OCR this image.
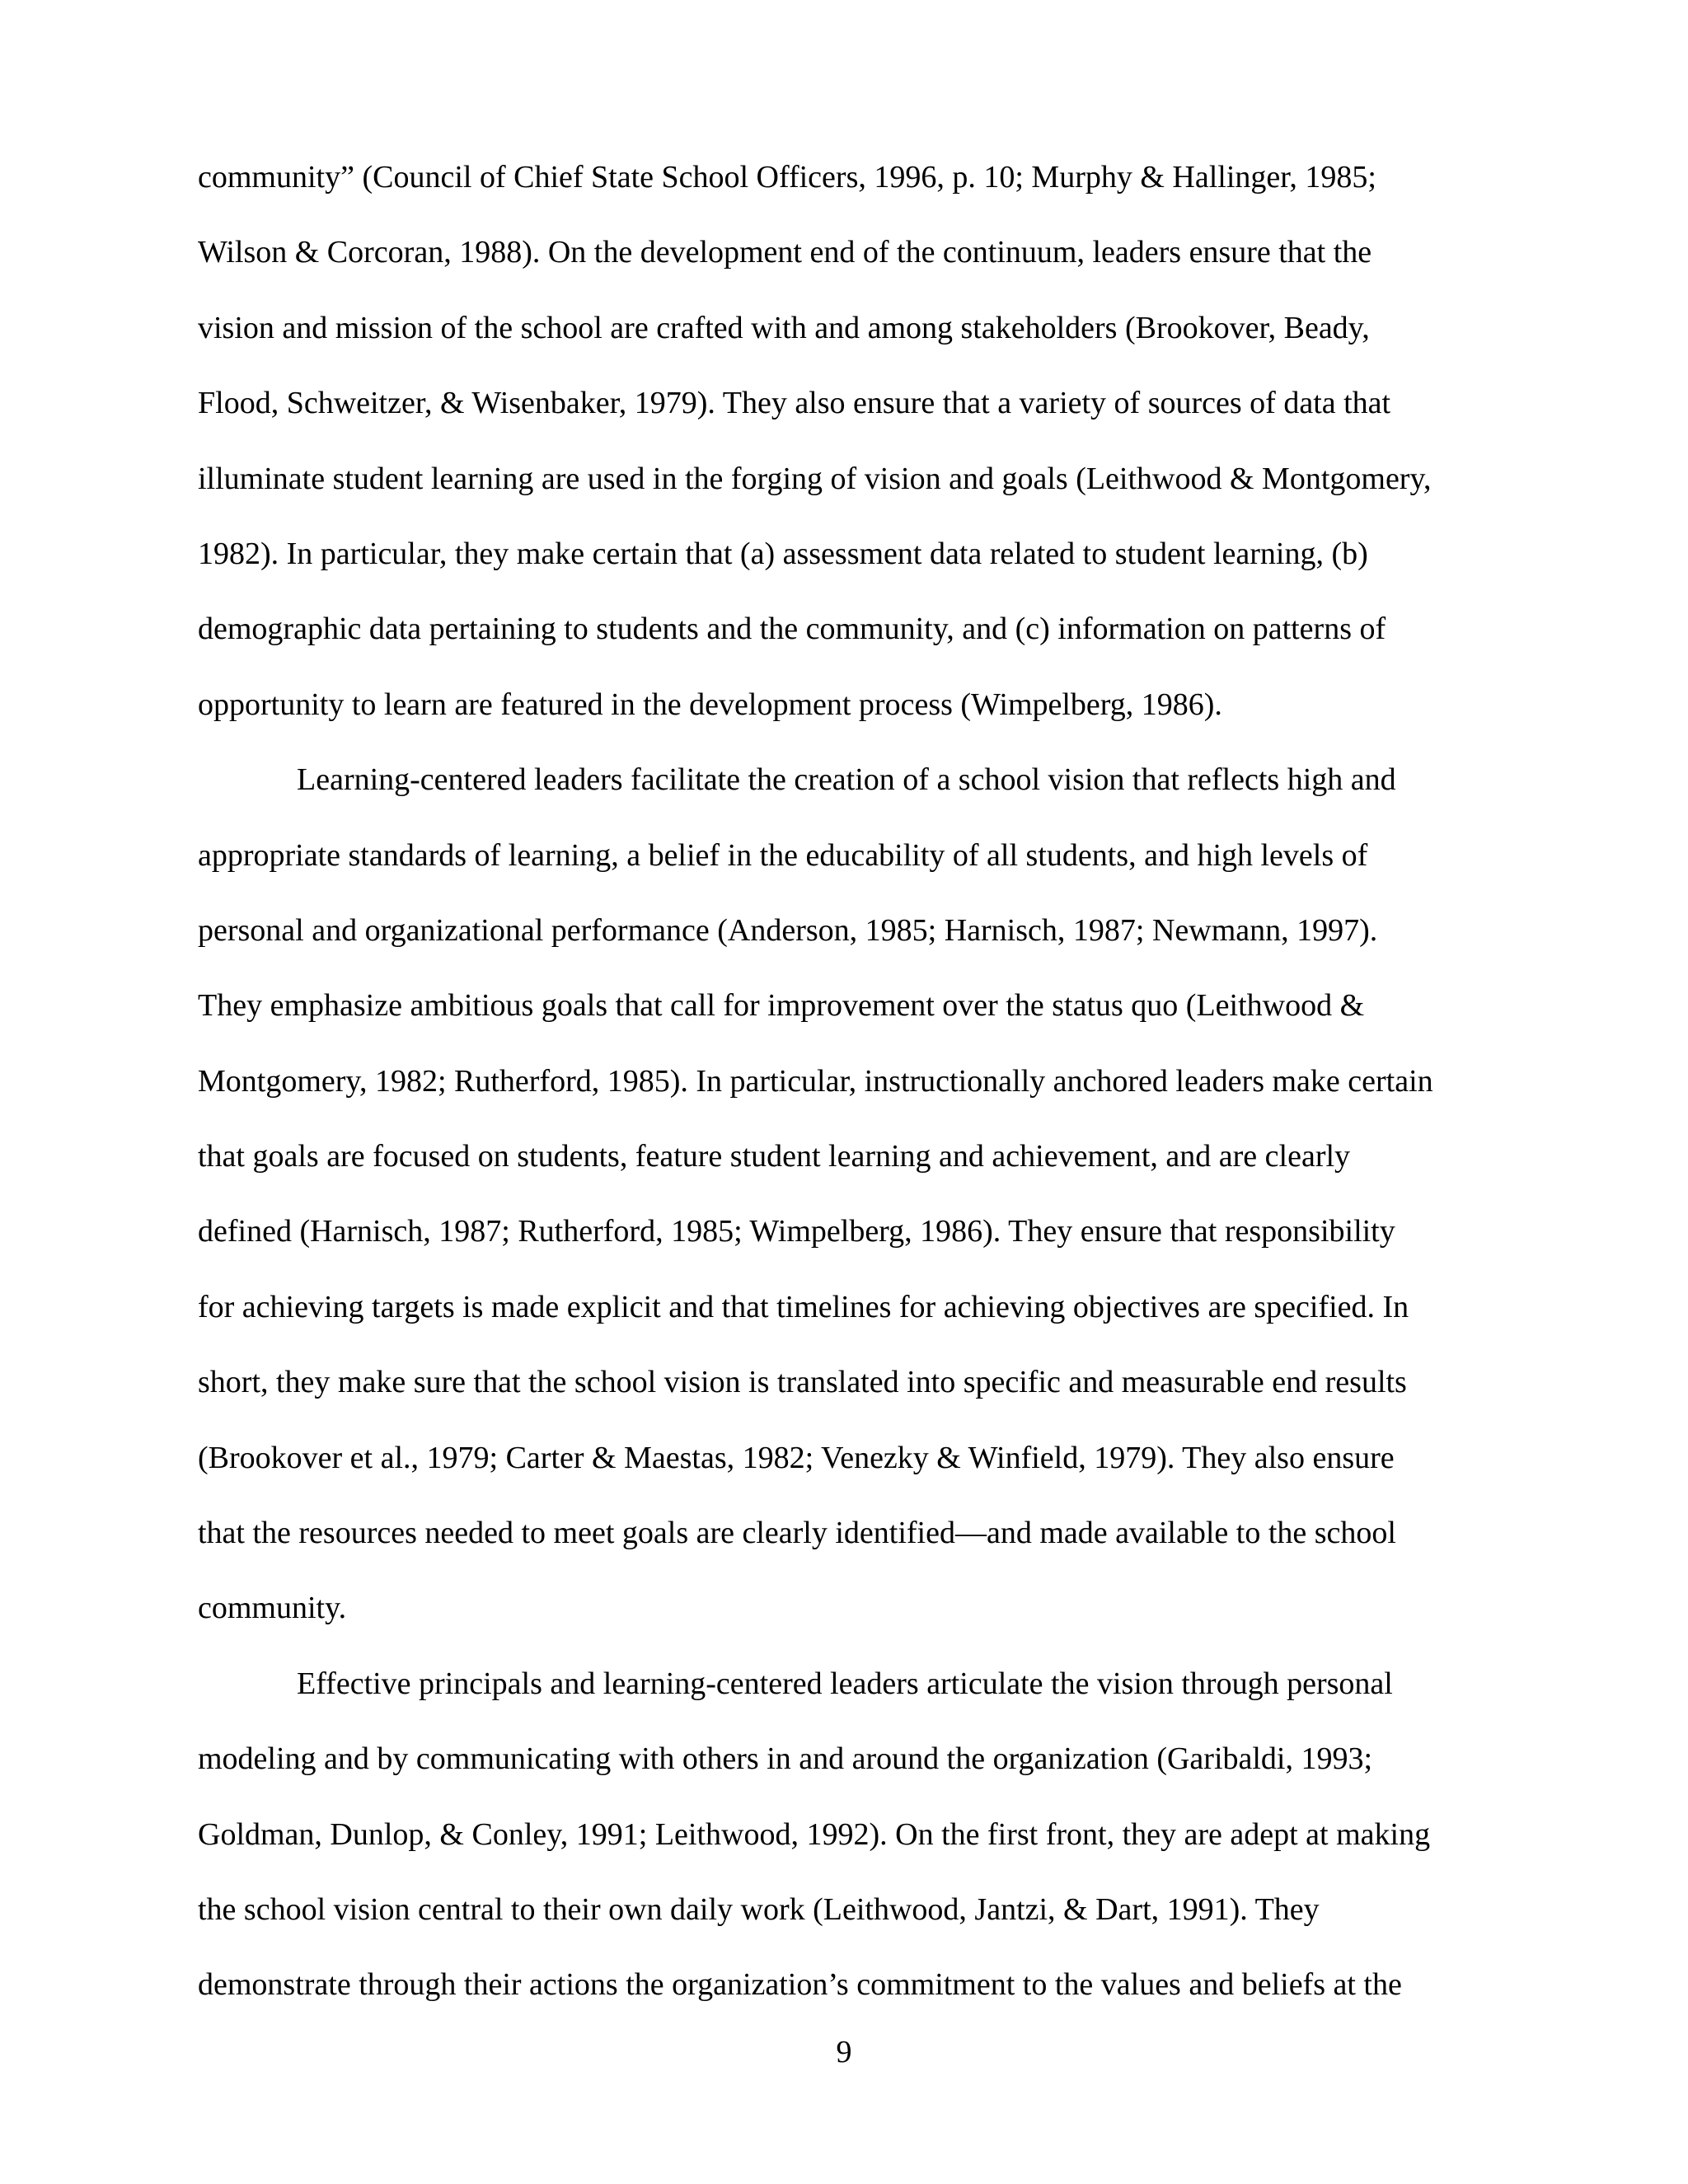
community” (Council of Chief State School Officers, 1996, p. 10; Murphy & Hallinger, 1985;
Wilson & Corcoran, 1988). On the development end of the continuum, leaders ensure that the
vision and mission of the school are crafted with and among stakeholders (Brookover, Beady,
Flood, Schweitzer, & Wisenbaker, 1979). They also ensure that a variety of sources of data that
illuminate student learning are used in the forging of vision and goals (Leithwood & Montgomery,
1982). In particular, they make certain that (a) assessment data related to student learning, (b)
demographic data pertaining to students and the community, and (c) information on patterns of
opportunity to learn are featured in the development process (Wimpelberg, 1986).
Learning-centered leaders facilitate the creation of a school vision that reflects high and
appropriate standards of learning, a belief in the educability of all students, and high levels of
personal and organizational performance (Anderson, 1985; Harnisch, 1987; Newmann, 1997).
They emphasize ambitious goals that call for improvement over the status quo (Leithwood &
Montgomery, 1982; Rutherford, 1985). In particular, instructionally anchored leaders make certain
that goals are focused on students, feature student learning and achievement, and are clearly
defined (Harnisch, 1987; Rutherford, 1985; Wimpelberg, 1986). They ensure that responsibility
for achieving targets is made explicit and that timelines for achieving objectives are specified. In
short, they make sure that the school vision is translated into specific and measurable end results
(Brookover et al., 1979; Carter & Maestas, 1982; Venezky & Winfield, 1979). They also ensure
that the resources needed to meet goals are clearly identified—and made available to the school
community.
Effective principals and learning-centered leaders articulate the vision through personal
modeling and by communicating with others in and around the organization (Garibaldi, 1993;
Goldman, Dunlop, & Conley, 1991; Leithwood, 1992). On the first front, they are adept at making
the school vision central to their own daily work (Leithwood, Jantzi, & Dart, 1991). They
demonstrate through their actions the organization’s commitment to the values and beliefs at the
9
